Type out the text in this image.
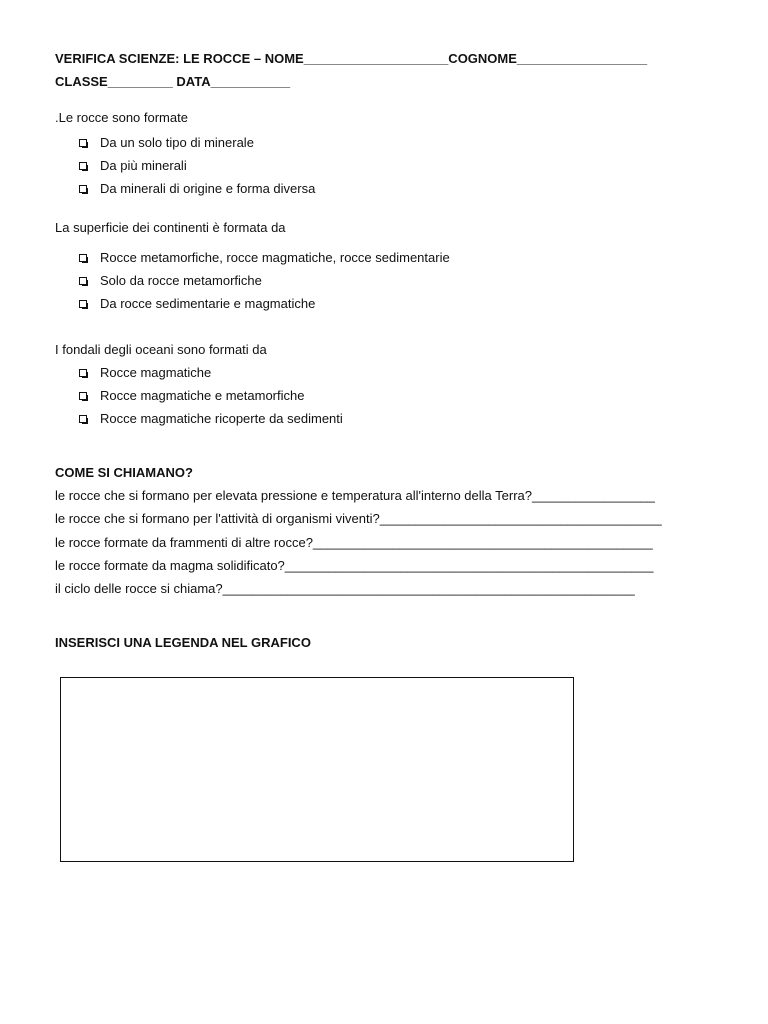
VERIFICA SCIENZE: LE ROCCE – NOME____________________COGNOME__________________
CLASSE_________ DATA___________
.Le rocce sono formate
Da un solo tipo di minerale
Da più minerali
Da minerali di origine e forma diversa
La superficie dei continenti è formata da
Rocce metamorfiche, rocce magmatiche, rocce sedimentarie
Solo da rocce metamorfiche
Da rocce sedimentarie e magmatiche
I fondali degli oceani sono formati da
Rocce magmatiche
Rocce magmatiche e metamorfiche
Rocce magmatiche ricoperte da sedimenti
COME SI CHIAMANO?
le rocce che si formano per elevata pressione e temperatura all'interno della Terra?_________________
le rocce che si formano per l'attività di organismi viventi?_______________________________________
le rocce formate da frammenti di altre rocce?_______________________________________________
le rocce formate da magma solidificato?___________________________________________________
il ciclo delle rocce si chiama?_________________________________________________________
INSERISCI UNA LEGENDA NEL GRAFICO
